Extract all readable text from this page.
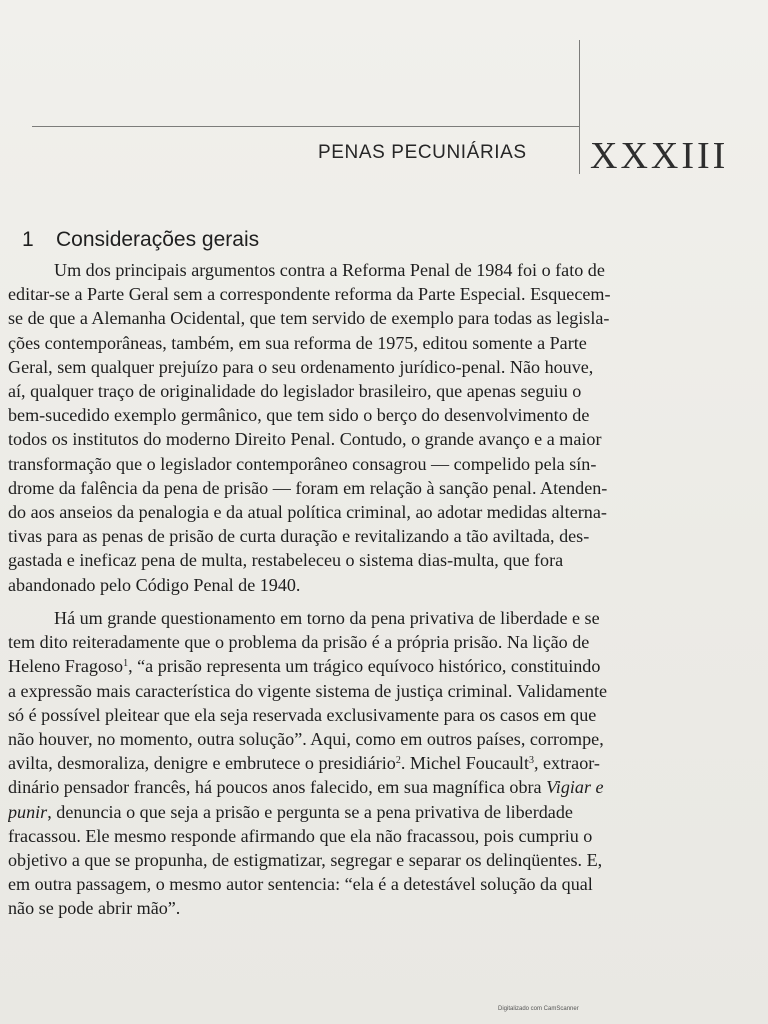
PENAS PECUNIÁRIAS XXXIII
1 Considerações gerais
Um dos principais argumentos contra a Reforma Penal de 1984 foi o fato de
editar-se a Parte Geral sem a correspondente reforma da Parte Especial. Esquecem-
se de que a Alemanha Ocidental, que tem servido de exemplo para todas as legisla-
ções contemporâneas, também, em sua reforma de 1975, editou somente a Parte
Geral, sem qualquer prejuízo para o seu ordenamento jurídico-penal. Não houve,
aí, qualquer traço de originalidade do legislador brasileiro, que apenas seguiu o
bem-sucedido exemplo germânico, que tem sido o berço do desenvolvimento de
todos os institutos do moderno Direito Penal. Contudo, o grande avanço e a maior
transformação que o legislador contemporâneo consagrou — compelido pela sín-
drome da falência da pena de prisão — foram em relação à sanção penal. Atenden-
do aos anseios da penalogia e da atual política criminal, ao adotar medidas alterna-
tivas para as penas de prisão de curta duração e revitalizando a tão aviltada, des-
gastada e ineficaz pena de multa, restabeleceu o sistema dias-multa, que fora
abandonado pelo Código Penal de 1940.
Há um grande questionamento em torno da pena privativa de liberdade e se
tem dito reiteradamente que o problema da prisão é a própria prisão. Na lição de
Heleno Fragoso$^1$, “a prisão representa um trágico equívoco histórico, constituindo
a expressão mais característica do vigente sistema de justiça criminal. Validamente
só é possível pleitear que ela seja reservada exclusivamente para os casos em que
não houver, no momento, outra solução”. Aqui, como em outros países, corrompe,
avilta, desmoraliza, denigre e embrutece o presidiário$^2$. Michel Foucault$^3$, extraor-
dinário pensador francês, há poucos anos falecido, em sua magnífica obra Vigiar e
punir, denuncia o que seja a prisão e pergunta se a pena privativa de liberdade
fracassou. Ele mesmo responde afirmando que ela não fracassou, pois cumpriu o
objetivo a que se propunha, de estigmatizar, segregar e separar os delinqüentes. E,
em outra passagem, o mesmo autor sentencia: “ela é a detestável solução da qual
não se pode abrir mão”.
Digitalizado com CamScanner
